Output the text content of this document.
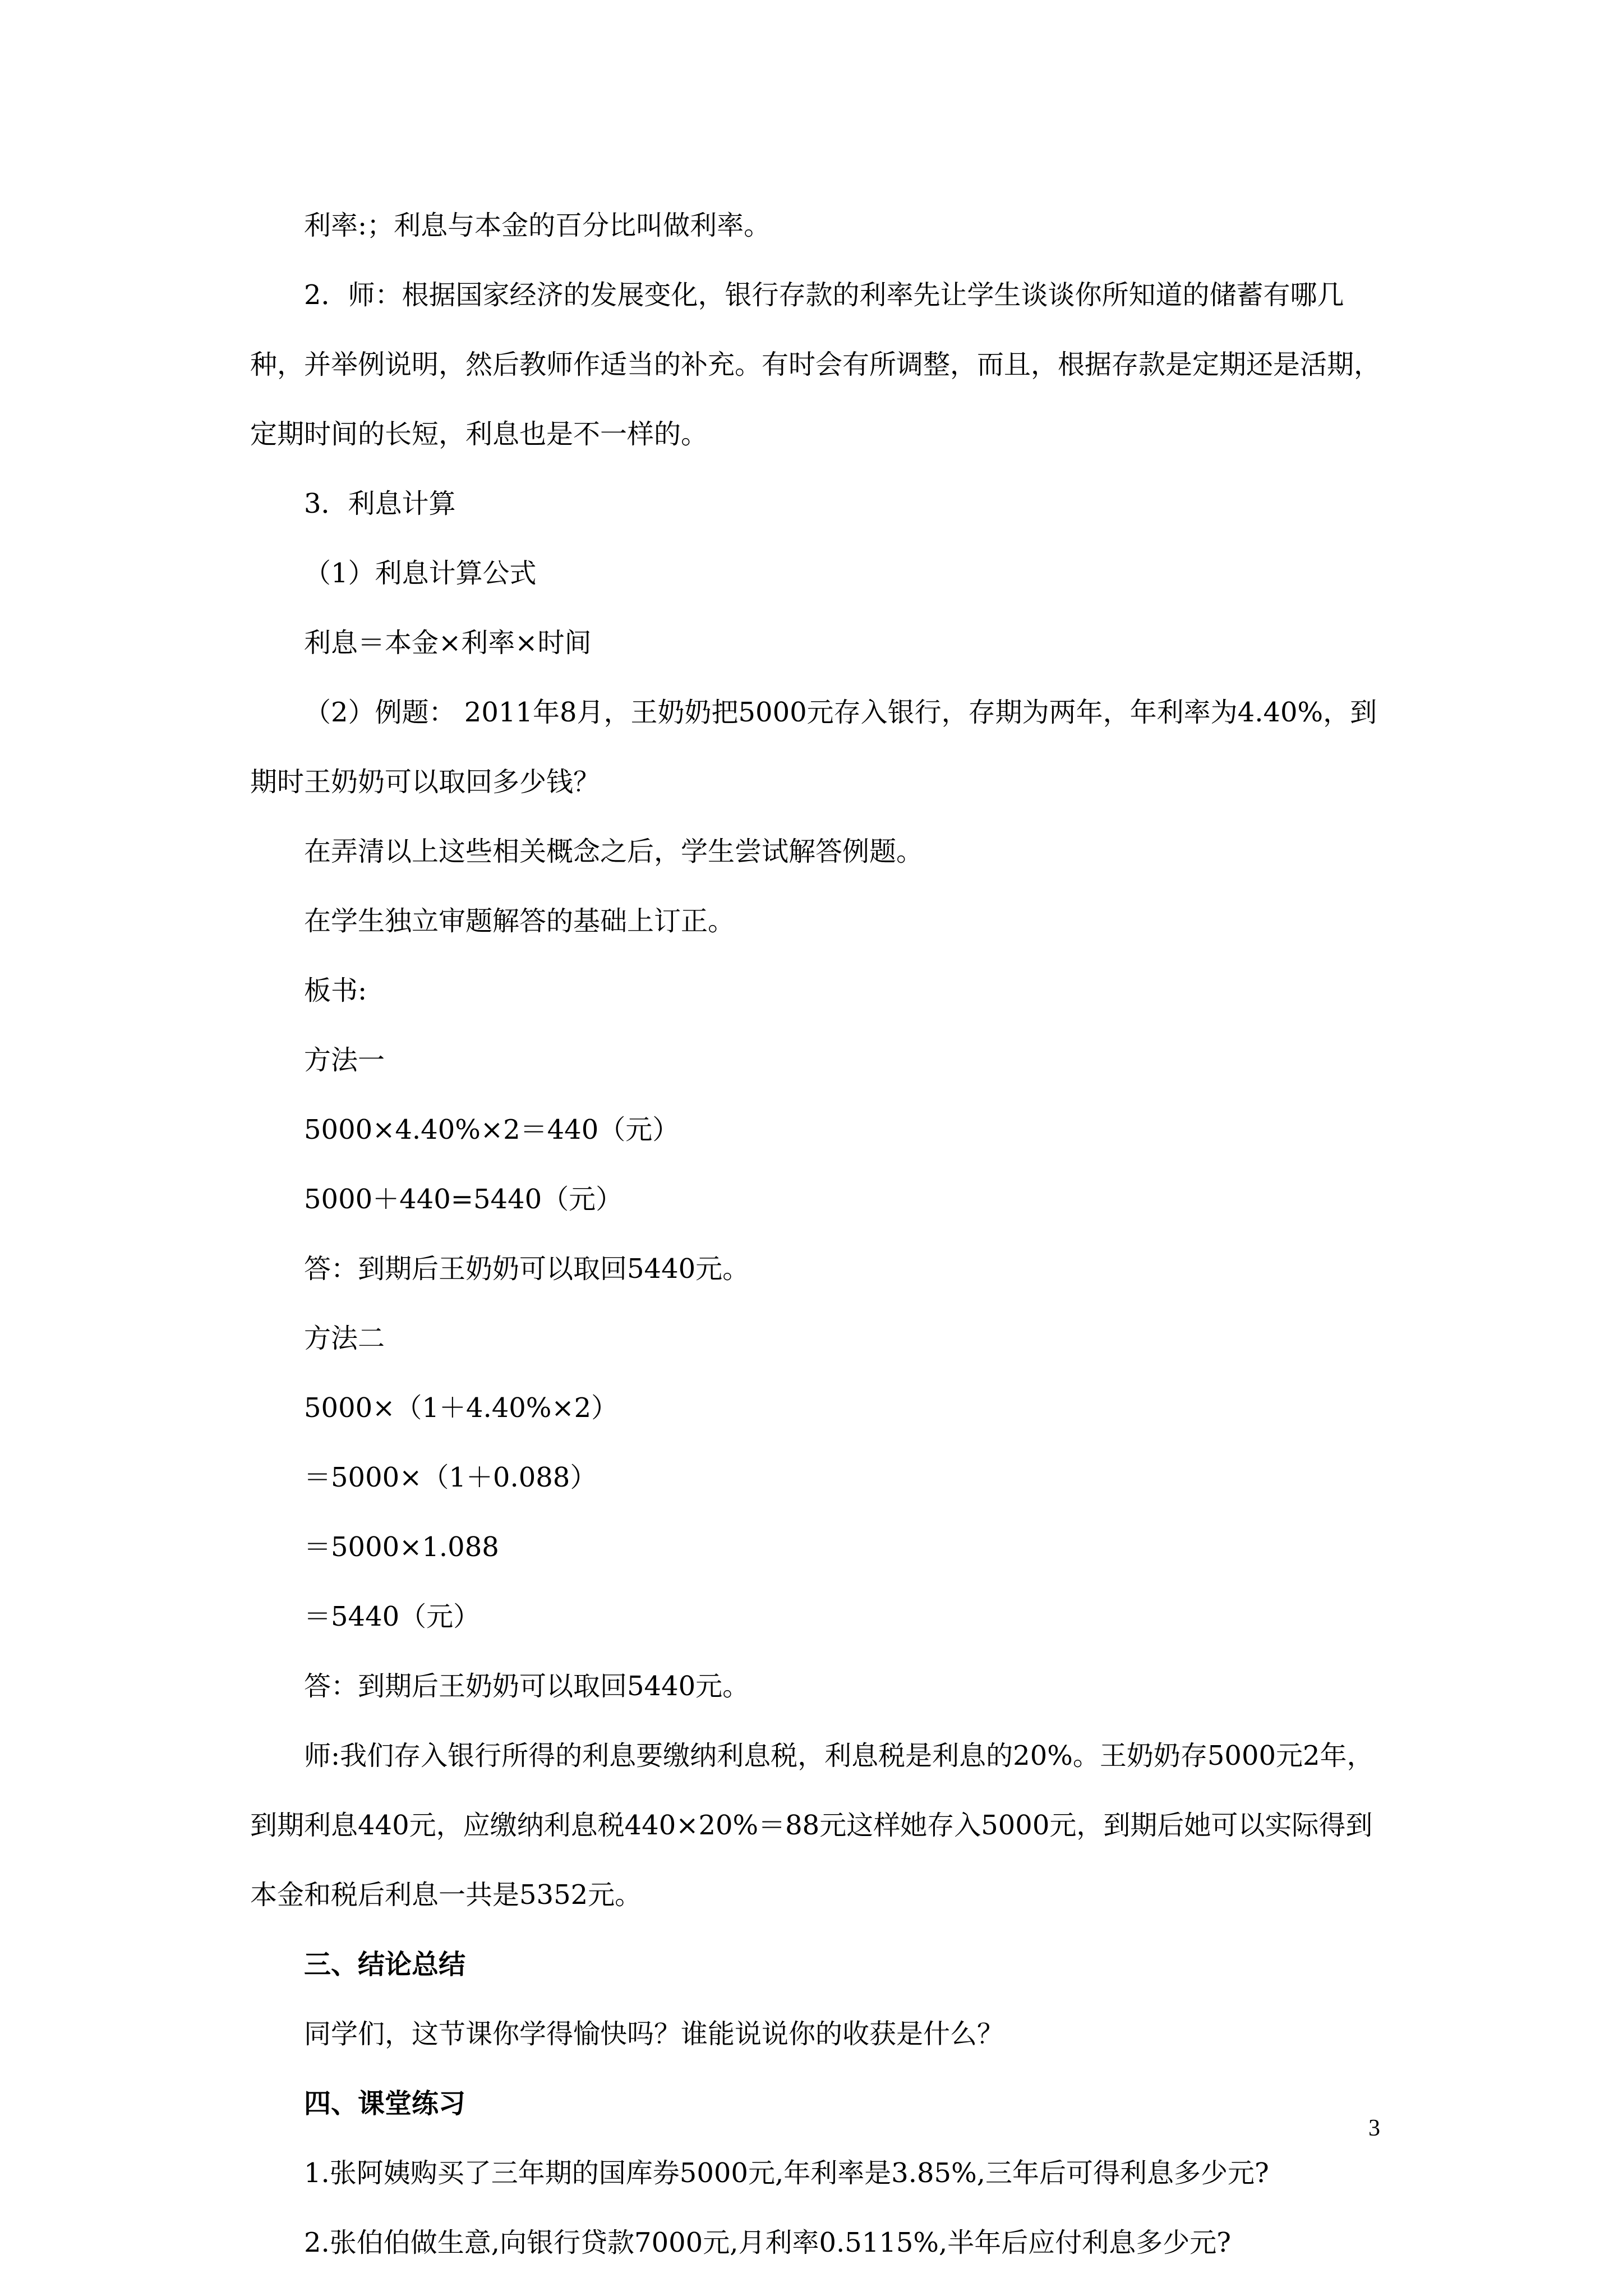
利率:；利息与本金的百分比叫做利率。

2．师：根据国家经济的发展变化，银行存款的利率先让学生谈谈你所知道的储蓄有哪几种，并举例说明，然后教师作适当的补充。有时会有所调整，而且，根据存款是定期还是活期，定期时间的长短，利息也是不一样的。

3．利息计算

（1）利息计算公式

利息＝本金×利率×时间

（2）例题： 2011年8月，王奶奶把5000元存入银行，存期为两年，年利率为4.40%，到期时王奶奶可以取回多少钱？

在弄清以上这些相关概念之后，学生尝试解答例题。

在学生独立审题解答的基础上订正。

板书:

方法一

5000×4.40%×2＝440（元）

5000＋440=5440（元）

答：到期后王奶奶可以取回5440元。

方法二

5000×（1＋4.40%×2）

＝5000×（1＋0.088）

＝5000×1.088

＝5440（元）

答：到期后王奶奶可以取回5440元。

师:我们存入银行所得的利息要缴纳利息税，利息税是利息的20%。王奶奶存5000元2年，到期利息440元，应缴纳利息税440×20%＝88元这样她存入5000元，到期后她可以实际得到本金和税后利息一共是5352元。

三、结论总结

同学们，这节课你学得愉快吗？谁能说说你的收获是什么？

四、课堂练习

1.张阿姨购买了三年期的国库券5000元,年利率是3.85%,三年后可得利息多少元?

2.张伯伯做生意,向银行贷款7000元,月利率0.5115%,半年后应付利息多少元?

3
